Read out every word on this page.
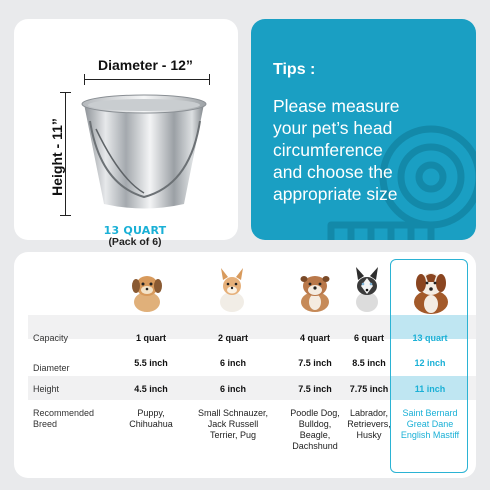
Diameter - 12”
Height - 11”
13 QUART
(Pack of 6)
Tips :
Please measure
your pet’s head
circumference
and choose the
appropriate size
Capacity
Diameter
Height
Recommended Breed
1 quart
5.5 inch
4.5 inch
Puppy,
Chihuahua
2 quart
6 inch
6 inch
Small Schnauzer,
Jack Russell
Terrier, Pug
4 quart
7.5 inch
7.5 inch
Poodle Dog,
Bulldog,
Beagle,
Dachshund
6 quart
8.5 inch
7.75 inch
Labrador,
Retrievers,
Husky
13 quart
12 inch
11 inch
Saint Bernard
Great Dane
English Mastiff
